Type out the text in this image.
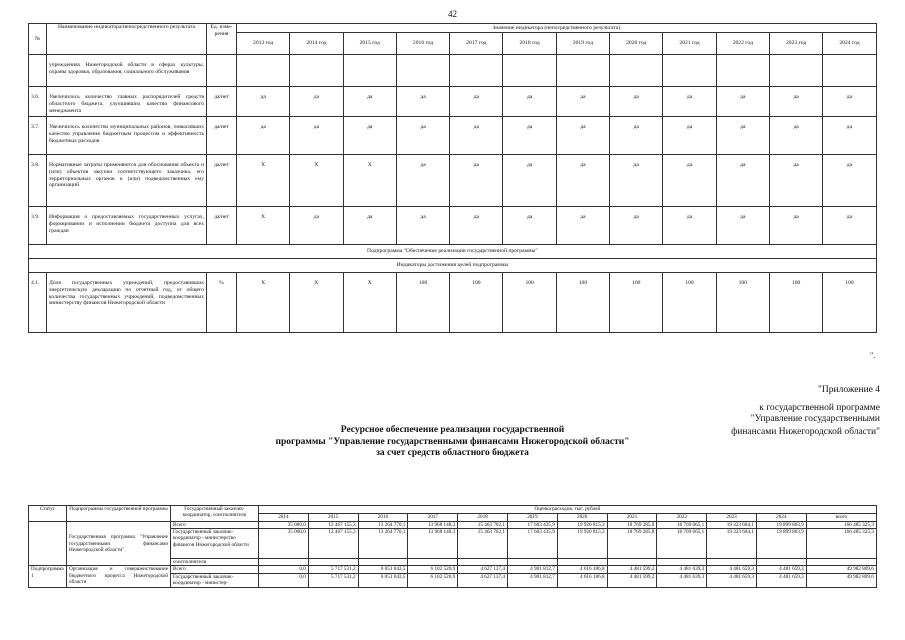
42
№	Наименование индикатора/непосредственного результата	Ед. изме-рения	Значение индикатора (непосредственного результата)											
			2013 год	2014 год	2015 год	2016 год	2017 год	2018 год	2019 год	2020 год	2021 год	2022 год	2023 год	2024 год
	учреждениях Нижегородской области в сферах культуры, охраны здоровья, образования, социального обслуживания													
3.6.	Увеличилось количество главных распорядителей средств областного бюджета, улучшивших качество финансового менеджмента	да/нет	да	да	да	да	да	да	да	да	да	да	да	да
3.7.	Увеличилось количество муниципальных районов, повысивших качество управления бюджетным процессом и эффективность бюджетных расходов	да/нет	да	да	да	да	да	да	да	да	да	да	да	да
3.8.	Нормативные затраты применяются для обоснования объекта и (или) объектов закупки соответствующего заказчика, его территориальных органов и (или) подведомственных ему организаций	да/нет	X	X	X	да	да	да	да	да	да	да	да	да
3.9.	Информация о предоставляемых государственных услугах, формировании и исполнении бюджета доступна для всех граждан	да/нет	X	да	да	да	да	да	да	да	да	да	да	да
Подпрограмма "Обеспечение реализации государственной программы"														
Индикаторы достижения целей подпрограммы														
4.1.	Доля государственных учреждений, предоставивших энергетическую декларацию по отчетный год, от общего количества государственных учреждений, подведомственных министерству финансов Нижегородской области	%	X	X	X	100	100	100	100	100	100	100	100	100
".
"Приложение 4
к государственной программе
"Управление государственными
финансами Нижегородской области"
Ресурсное обеспечение реализации государственной
программы "Управление государственными финансами Нижегородской области"
за счет средств областного бюджета
Статус	Подпрограммы государственной программы	Государственный заказчик-координатор, соисполнители	Оценка расходов, тыс. рублей											
			2014	2015	2016	2017	2018	2019	2020	2021	2022	2023	2024	всего
	Государственная программа "Управление государственными финансами Нижегородской области"	Всего	35 000,0	12 467 155,3	13 264 770,1	13 968 148,3	15 463 702,1	17 603 435,9	19 920 815,3	18 769 285,8	18 769 665,1	19 323 684,1	19 899 863,9	166 485 325,3
		Государственный заказчик-координатор - министерство финансов Нижегородской области	35 000,0	12 467 155,3	13 264 770,1	13 968 148,3	15 463 702,1	17 603 435,9	19 920 815,3	18 769 285,8	18 769 665,1	19 323 684,1	19 899 863,9	166 485 325,3
		соисполнители												
Подпрограмма 1	Организация и совершенствование бюджетного процесса Нижегородской области	Всего	0,0	5 717 531,2	6 051 043,5	6 102 520,9	4 627 137,4	4 901 812,7	4 616 186,8	4 481 599,2	4 481 639,3	4 481 659,3	4 481 659,3	49 982 809,6
		Государственный заказчик-координатор - министер-	0,0	5 717 531,2	6 051 043,5	6 102 520,9	4 627 137,4	4 901 812,7	4 616 186,8	4 481 599,2	4 481 639,3	4 481 659,3	4 481 659,3	49 982 809,6
